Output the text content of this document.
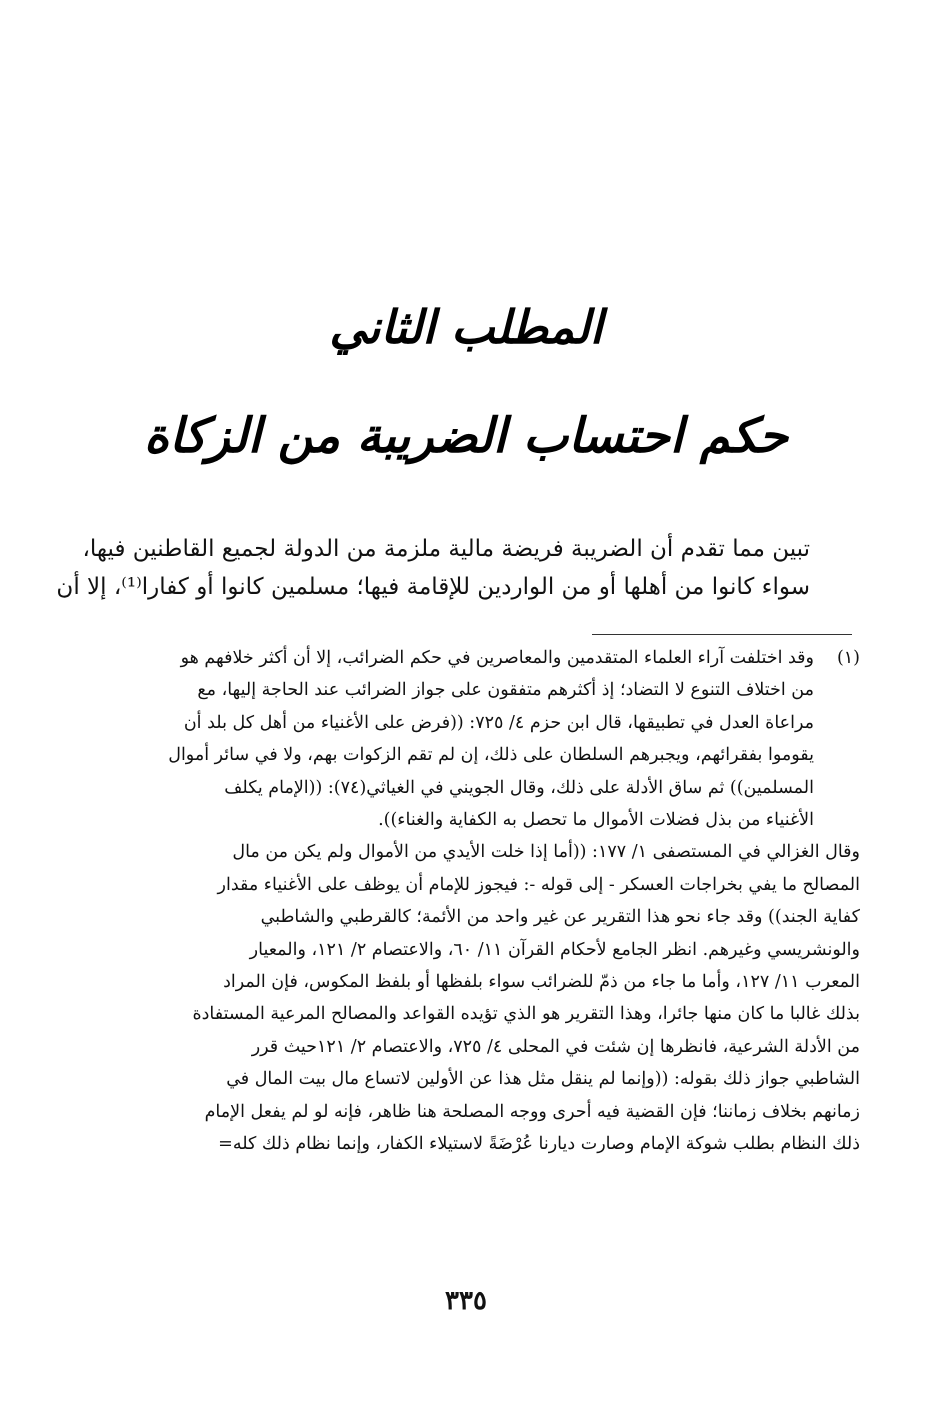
المطلب الثاني
حكم احتساب الضريبة من الزكاة
تبين مما تقدم أن الضريبة فريضة مالية ملزمة من الدولة لجميع القاطنين فيها،
سواء كانوا من أهلها أو من الواردين للإقامة فيها؛ مسلمين كانوا أو كفارا⁽¹⁾، إلا أن
(١)
وقد اختلفت آراء العلماء المتقدمين والمعاصرين في حكم الضرائب، إلا أن أكثر خلافهم هو
من اختلاف التنوع لا التضاد؛ إذ أكثرهم متفقون على جواز الضرائب عند الحاجة إليها، مع
مراعاة العدل في تطبيقها، قال ابن حزم ٤/ ٧٢٥: ((فرض على الأغنياء من أهل كل بلد أن
يقوموا بفقرائهم، ويجبرهم السلطان على ذلك، إن لم تقم الزكوات بهم، ولا في سائر أموال
المسلمين)) ثم ساق الأدلة على ذلك، وقال الجويني في الغياثي(٧٤): ((الإمام يكلف
الأغنياء من بذل فضلات الأموال ما تحصل به الكفاية والغناء)).
وقال الغزالي في المستصفى ١/ ١٧٧: ((أما إذا خلت الأيدي من الأموال ولم يكن من مال
المصالح ما يفي بخراجات العسكر - إلى قوله -: فيجوز للإمام أن يوظف على الأغنياء مقدار
كفاية الجند)) وقد جاء نحو هذا التقرير عن غير واحد من الأئمة؛ كالقرطبي والشاطبي
والونشريسي وغيرهم. انظر الجامع لأحكام القرآن ١١/ ٦٠، والاعتصام ٢/ ١٢١، والمعيار
المعرب ١١/ ١٢٧، وأما ما جاء من ذمّ للضرائب سواء بلفظها أو بلفظ المكوس، فإن المراد
بذلك غالبا ما كان منها جائرا، وهذا التقرير هو الذي تؤيده القواعد والمصالح المرعية المستفادة
من الأدلة الشرعية، فانظرها إن شئت في المحلى ٤/ ٧٢٥، والاعتصام ٢/ ١٢١حيث قرر
الشاطبي جواز ذلك بقوله: ((وإنما لم ينقل مثل هذا عن الأولين لاتساع مال بيت المال في
زمانهم بخلاف زماننا؛ فإن القضية فيه أحرى ووجه المصلحة هنا ظاهر، فإنه لو لم يفعل الإمام
ذلك النظام بطلب شوكة الإمام وصارت ديارنا عُرْضَةً لاستيلاء الكفار، وإنما نظام ذلك كله=
٣٣٥
